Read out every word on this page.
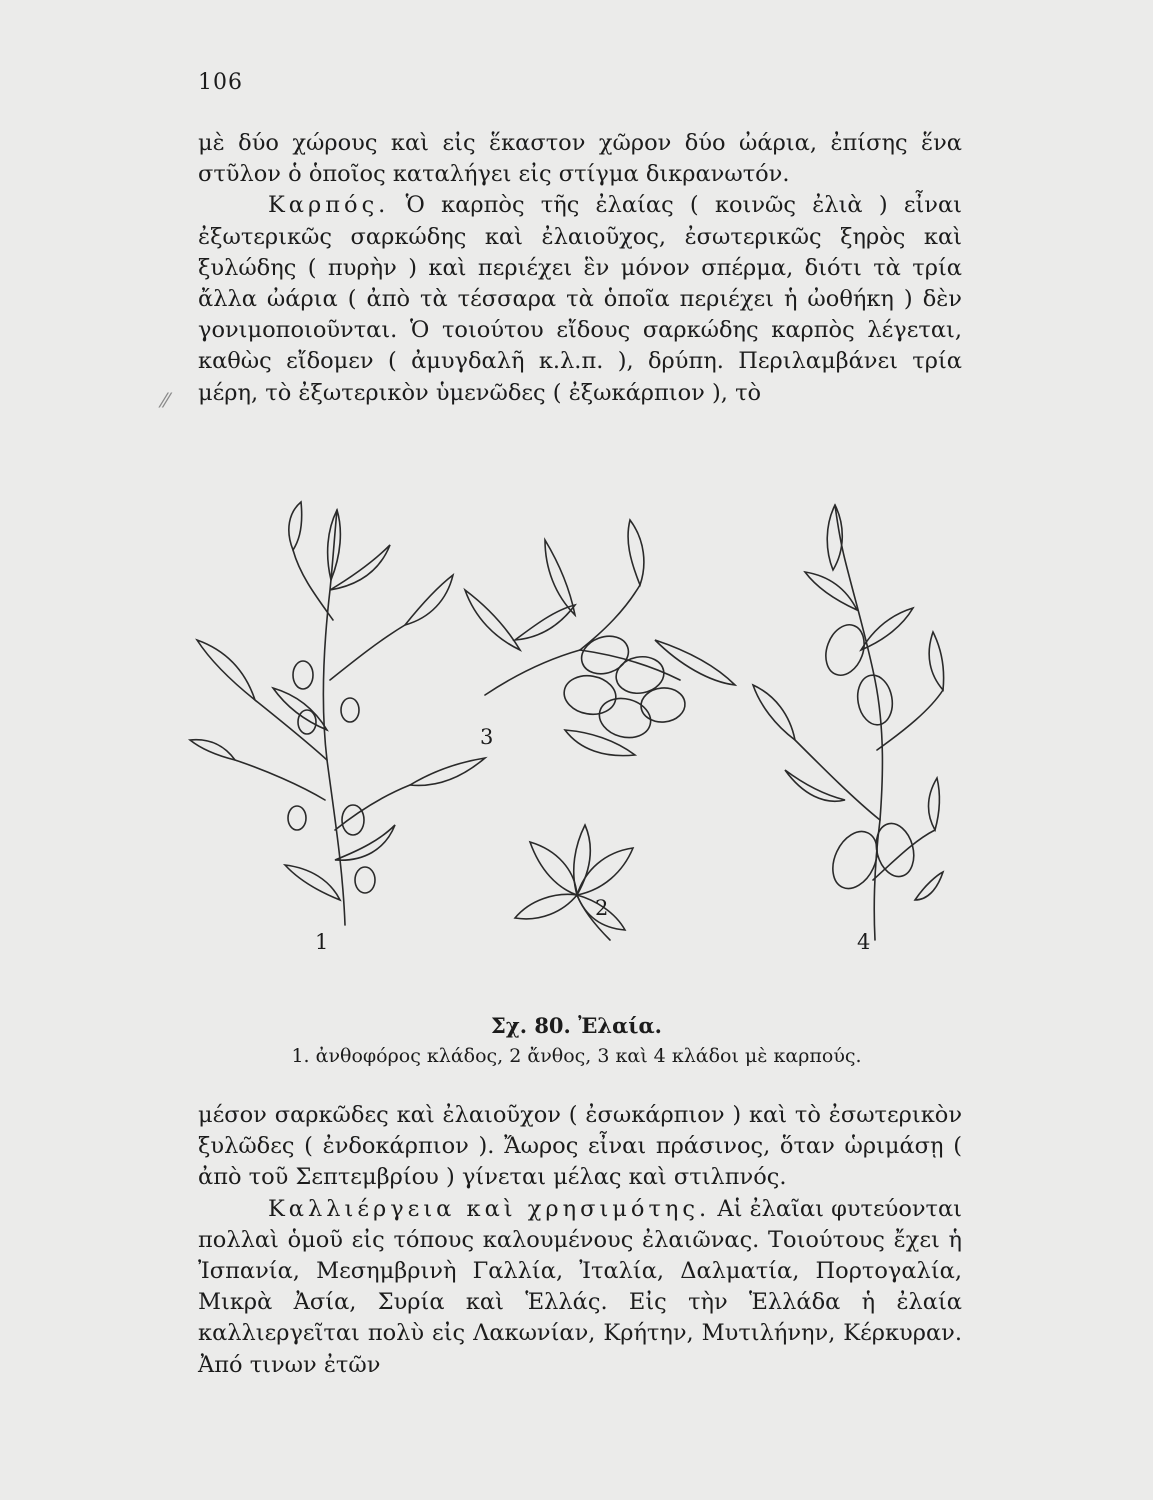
106

μὲ δύο χώρους καὶ εἰς ἕκαστον χῶρον δύο ὠάρια, ἐπίσης ἕνα στῦλον ὁ ὁποῖος καταλήγει εἰς στίγμα δικρανωτόν.

Καρπός. Ὁ καρπὸς τῆς ἐλαίας ( κοινῶς ἐλιὰ ) εἶναι ἐξωτερικῶς σαρκώδης καὶ ἐλαιοῦχος, ἐσωτερικῶς ξηρὸς καὶ ξυλώδης ( πυρὴν ) καὶ περιέχει ἓν μόνον σπέρμα, διότι τὰ τρία ἄλλα ὠάρια ( ἀπὸ τὰ τέσσαρα τὰ ὁποῖα περιέχει ἡ ὠοθήκη ) δὲν γονιμοποιοῦνται. Ὁ τοιούτου εἴδους σαρκώδης καρπὸς λέγεται, καθὼς εἴδομεν ( ἀμυγδαλῆ κ.λ.π. ), δρύπη. Περιλαμβάνει τρία μέρη, τὸ ἐξωτερικὸν ὑμενῶδες ( ἐξωκάρπιον ), τὸ

⁄⁄
1
2
3
4
Σχ. 80. Ἐλαία.
1. ἀνθοφόρος κλάδος, 2 ἄνθος, 3 καὶ 4 κλάδοι μὲ καρπούς.

μέσον σαρκῶδες καὶ ἐλαιοῦχον ( ἐσωκάρπιον ) καὶ τὸ ἐσωτερικὸν ξυλῶδες ( ἐνδοκάρπιον ). Ἄωρος εἶναι πράσινος, ὅταν ὡριμάσῃ ( ἀπὸ τοῦ Σεπτεμβρίου ) γίνεται μέλας καὶ στιλπνός.

Καλλιέργεια καὶ χρησιμότης. Αἱ ἐλαῖαι φυτεύονται πολλαὶ ὁμοῦ εἰς τόπους καλουμένους ἐλαιῶνας. Τοιούτους ἔχει ἡ Ἰσπανία, Μεσημβρινὴ Γαλλία, Ἰταλία, Δαλματία, Πορτογαλία, Μικρὰ Ἀσία, Συρία καὶ Ἑλλάς. Εἰς τὴν Ἑλλάδα ἡ ἐλαία καλλιεργεῖται πολὺ εἰς Λακωνίαν, Κρήτην, Μυτιλήνην, Κέρκυραν. Ἀπό τινων ἐτῶν
